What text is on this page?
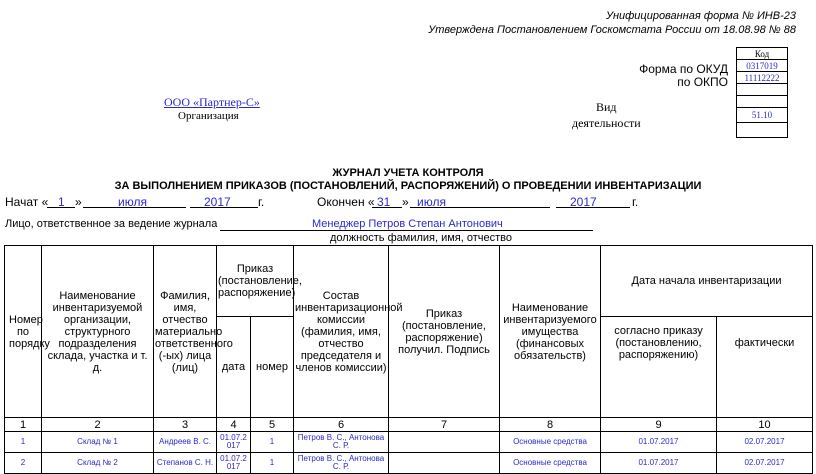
Унифицированная форма № ИНВ-23
Утверждена Постановлением Госкомстата России от 18.08.98 № 88
Код
0317019
11112222

51.10

Форма по ОКУД
по ОКПО
Вид
деятельности
ООО «Партнер-С»
Организация
ЖУРНАЛ УЧЕТА КОНТРОЛЯ
ЗА ВЫПОЛНЕНИЕМ ПРИКАЗОВ (ПОСТАНОВЛЕНИЙ, РАСПОРЯЖЕНИЙ) О ПРОВЕДЕНИИ ИНВЕНТАРИЗАЦИИ
Начат « 1 »	июля	2017 г.	Окончен « 31 » июля	2017	г.
Лицо, ответственное за ведение журнала	Менеджер Петров Степан Антонович
должность фамилия, имя, отчество
Номер по порядку	Наименование инвентаризуемой организации, структурного подразделения склада, участка и т. д.	Фамилия, имя, отчество материально ответственного (-ых) лица (лиц)	Приказ (постановление, распоряжение)		Состав инвентаризационной комиссии (фамилия, имя, отчество председателя и членов комиссии)	Приказ (постановление, распоряжение) получил. Подпись	Наименование инвентаризуемого имущества (финансовых обязательств)	Дата начала инвентаризации	
			дата	номер				согласно приказу (постановлению, распоряжению)	фактически
1	2	3	4	5	6	7	8	9	10
1	Склад № 1	Андреев В. С.	01.07.2017	1	Петров В. С., Антонова С. Р.		Основные средства	01.07.2017	02.07.2017
2	Склад № 2	Степанов С. Н.	01.07.2017	1	Петров В. С., Антонова С. Р.		Основные средства	01.07.2017	02.07.2017
